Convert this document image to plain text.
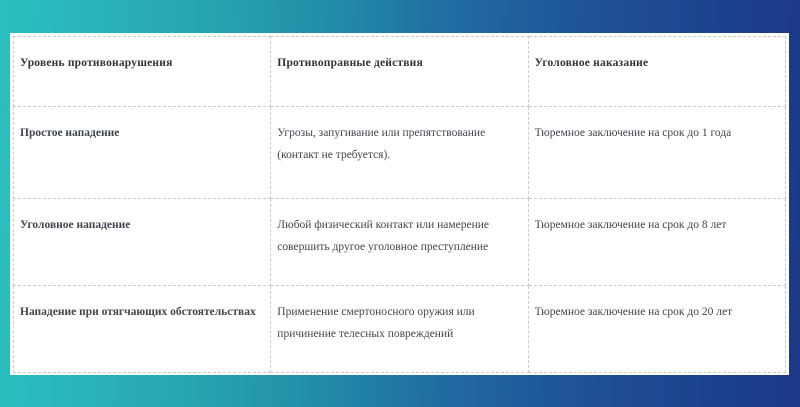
Уровень противонарушения	Противоправные действия	Уголовное наказание
Простое нападение	Угрозы, запугивание или препятствование (контакт не требуется).	Тюремное заключение на срок до 1 года
Уголовное нападение	Любой физический контакт или намерение совершить другое уголовное преступление	Тюремное заключение на срок до 8 лет
Нападение при отягчающих обстоятельствах	Применение смертоносного оружия или причинение телесных повреждений	Тюремное заключение на срок до 20 лет
